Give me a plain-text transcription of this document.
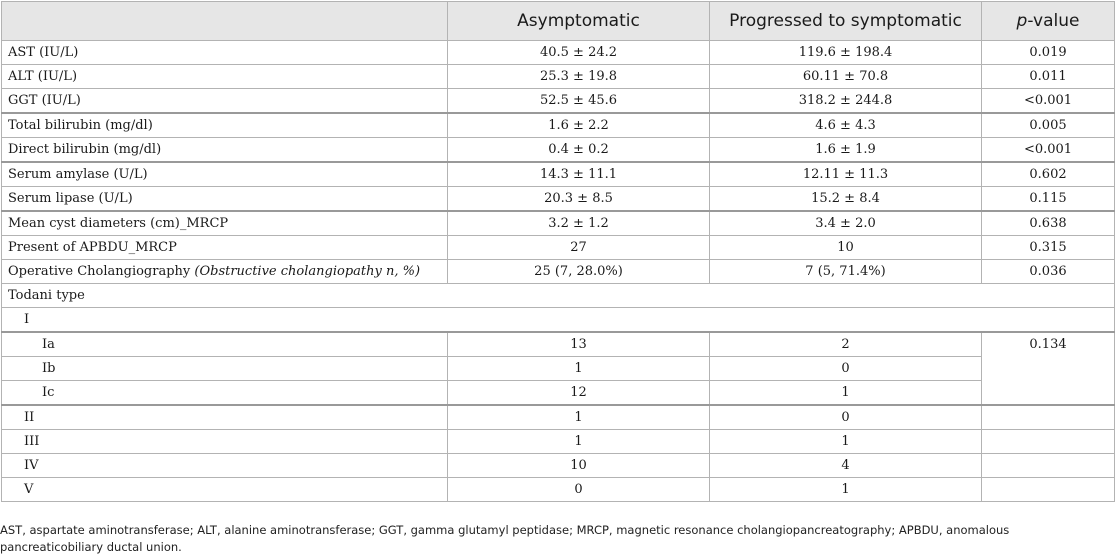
	Asymptomatic	Progressed to symptomatic	p-value
AST (IU/L)	40.5 ± 24.2	119.6 ± 198.4	0.019
ALT (IU/L)	25.3 ± 19.8	60.11 ± 70.8	0.011
GGT (IU/L)	52.5 ± 45.6	318.2 ± 244.8	<0.001
Total bilirubin (mg/dl)	1.6 ± 2.2	4.6 ± 4.3	0.005
Direct bilirubin (mg/dl)	0.4 ± 0.2	1.6 ± 1.9	<0.001
Serum amylase (U/L)	14.3 ± 11.1	12.11 ± 11.3	0.602
Serum lipase (U/L)	20.3 ± 8.5	15.2 ± 8.4	0.115
Mean cyst diameters (cm)_MRCP	3.2 ± 1.2	3.4 ± 2.0	0.638
Present of APBDU_MRCP	27	10	0.315
Operative Cholangiography (Obstructive cholangiopathy n, %)	25 (7, 28.0%)	7 (5, 71.4%)	0.036
Todani type			
I			
Ia	13	2	0.134
Ib	1	0	
Ic	12	1	
II	1	0	
III	1	1	
IV	10	4	
V	0	1	
AST, aspartate aminotransferase; ALT, alanine aminotransferase; GGT, gamma glutamyl peptidase; MRCP, magnetic resonance cholangiopancreatography; APBDU, anomalous pancreaticobiliary ductal union.
